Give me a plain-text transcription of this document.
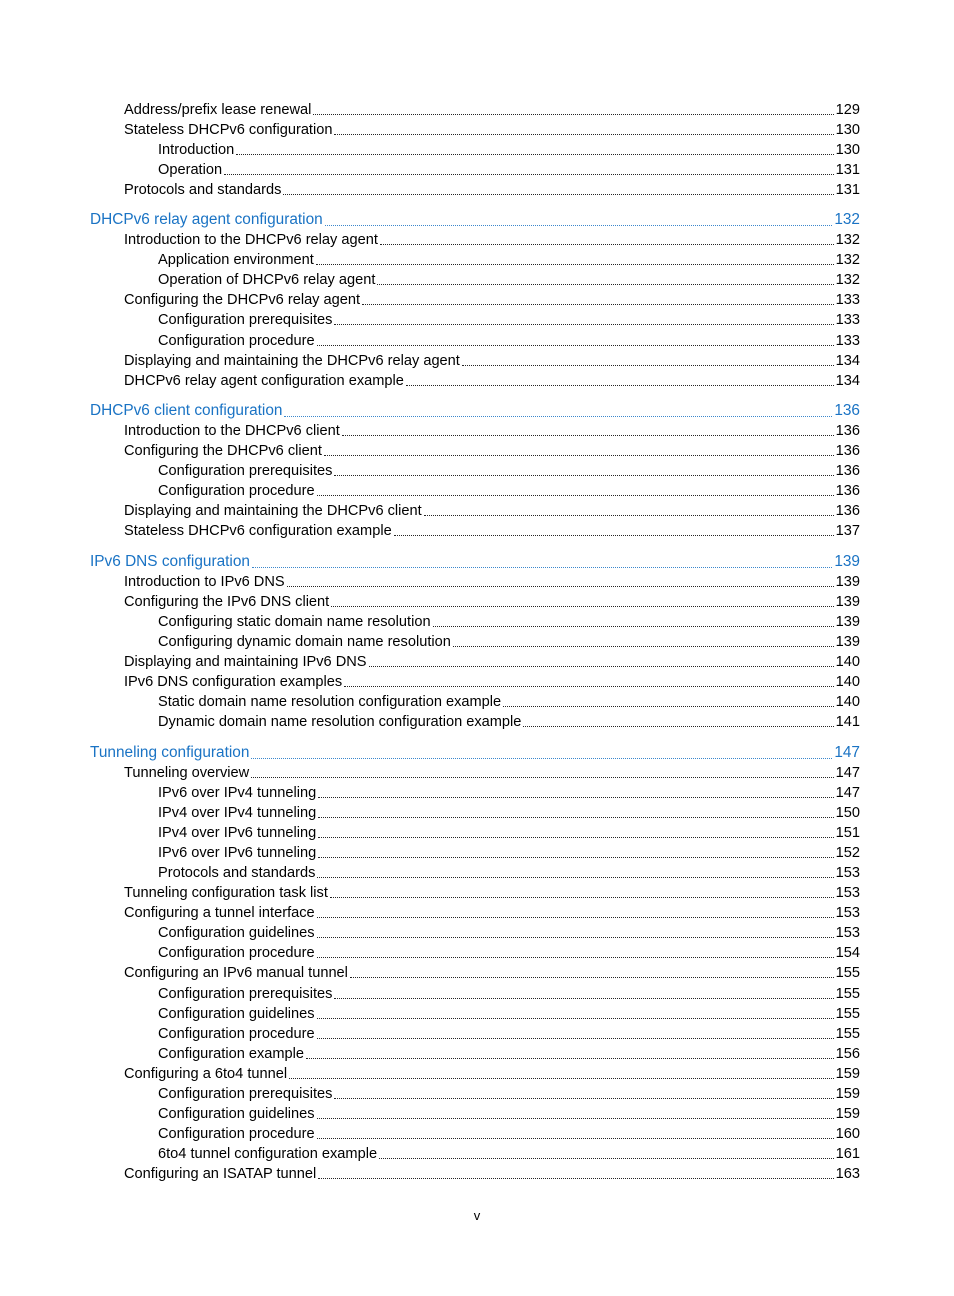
Address/prefix lease renewal	129
Stateless DHCPv6 configuration	130
Introduction	130
Operation	131
Protocols and standards	131
DHCPv6 relay agent configuration	132
Introduction to the DHCPv6 relay agent	132
Application environment	132
Operation of DHCPv6 relay agent	132
Configuring the DHCPv6 relay agent	133
Configuration prerequisites	133
Configuration procedure	133
Displaying and maintaining the DHCPv6 relay agent	134
DHCPv6 relay agent configuration example	134
DHCPv6 client configuration	136
Introduction to the DHCPv6 client	136
Configuring the DHCPv6 client	136
Configuration prerequisites	136
Configuration procedure	136
Displaying and maintaining the DHCPv6 client	136
Stateless DHCPv6 configuration example	137
IPv6 DNS configuration	139
Introduction to IPv6 DNS	139
Configuring the IPv6 DNS client	139
Configuring static domain name resolution	139
Configuring dynamic domain name resolution	139
Displaying and maintaining IPv6 DNS	140
IPv6 DNS configuration examples	140
Static domain name resolution configuration example	140
Dynamic domain name resolution configuration example	141
Tunneling configuration	147
Tunneling overview	147
IPv6 over IPv4 tunneling	147
IPv4 over IPv4 tunneling	150
IPv4 over IPv6 tunneling	151
IPv6 over IPv6 tunneling	152
Protocols and standards	153
Tunneling configuration task list	153
Configuring a tunnel interface	153
Configuration guidelines	153
Configuration procedure	154
Configuring an IPv6 manual tunnel	155
Configuration prerequisites	155
Configuration guidelines	155
Configuration procedure	155
Configuration example	156
Configuring a 6to4 tunnel	159
Configuration prerequisites	159
Configuration guidelines	159
Configuration procedure	160
6to4 tunnel configuration example	161
Configuring an ISATAP tunnel	163
v
